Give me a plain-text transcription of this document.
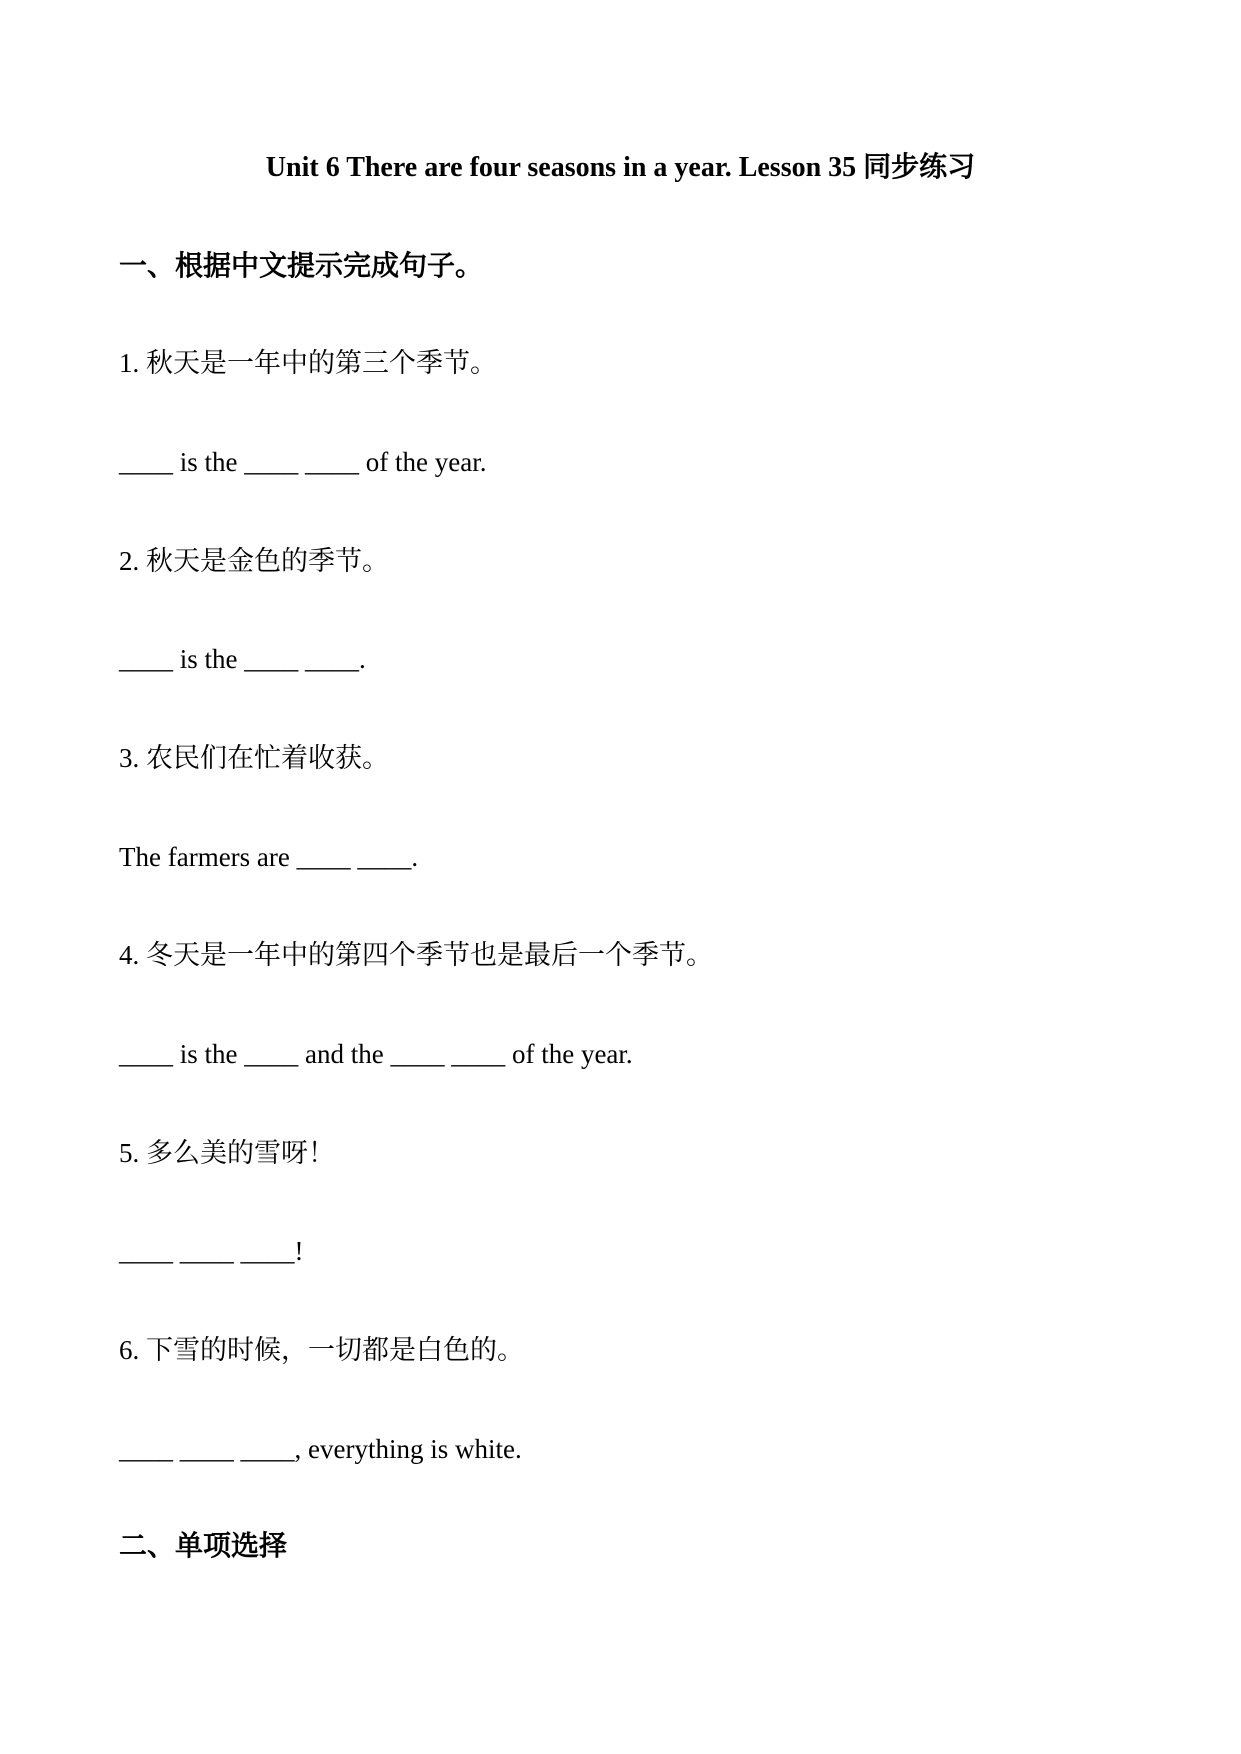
Unit 6 There are four seasons in a year. Lesson 35 同步练习
一、根据中文提示完成句子。
1. 秋天是一年中的第三个季节。
____ is the ____ ____ of the year.
2. 秋天是金色的季节。
____ is the ____ ____.
3. 农民们在忙着收获。
The farmers are ____ ____.
4. 冬天是一年中的第四个季节也是最后一个季节。
____ is the ____ and the ____ ____ of the year.
5. 多么美的雪呀！
____ ____ ____!
6. 下雪的时候，一切都是白色的。
____ ____ ____, everything is white.
二、单项选择
